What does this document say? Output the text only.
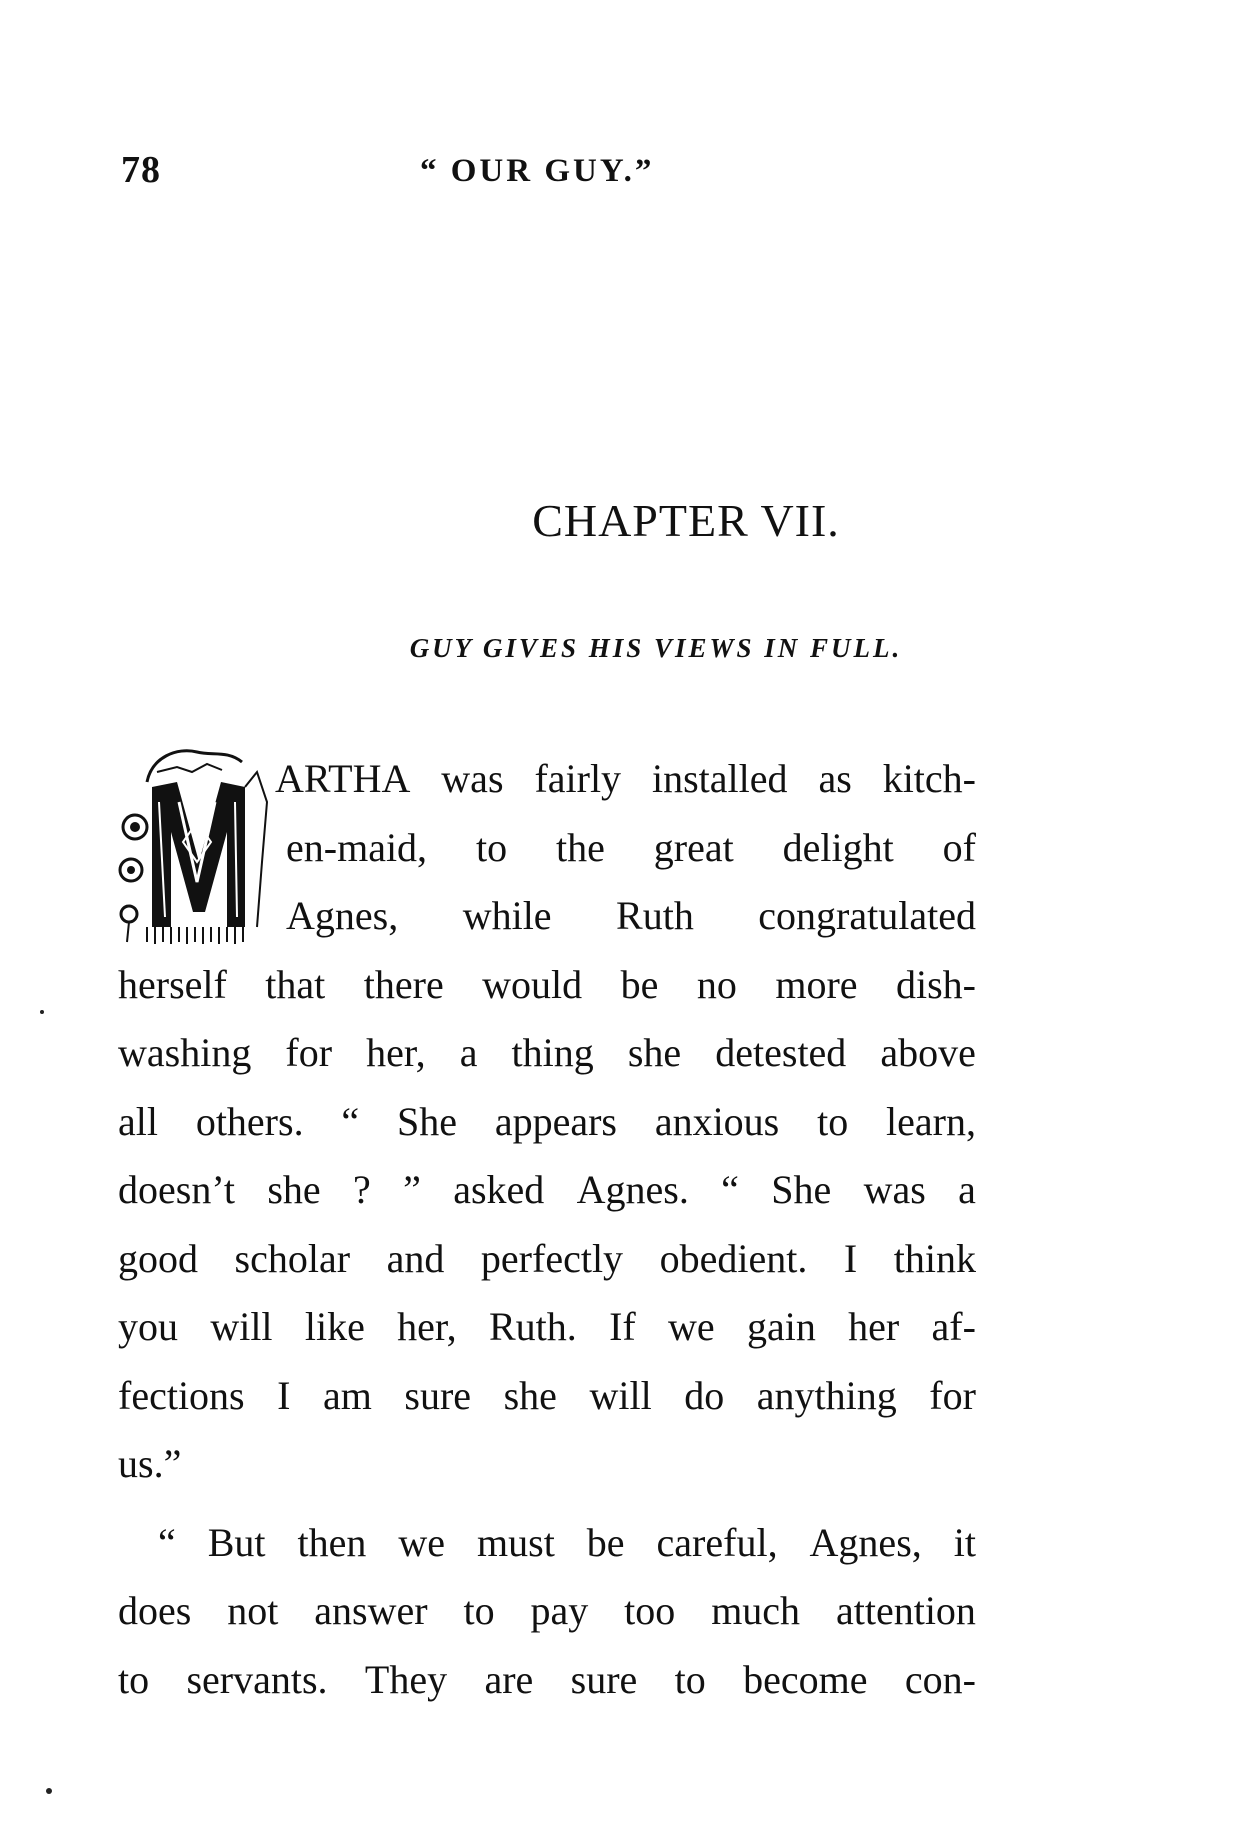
78	“ OUR GUY.”
CHAPTER VII.
GUY GIVES HIS VIEWS IN FULL.
ARTHA was fairly installed as kitch-
en-maid, to the great delight of
Agnes, while Ruth congratulated
herself that there would be no more dish-
washing for her, a thing she detested above
all others. “ She appears anxious to learn,
doesn’t she ? ” asked Agnes. “ She was a
good scholar and perfectly obedient. I think
you will like her, Ruth. If we gain her af-
fections I am sure she will do anything for
us.”
“ But then we must be careful, Agnes, it
does not answer to pay too much attention
to servants. They are sure to become con-
